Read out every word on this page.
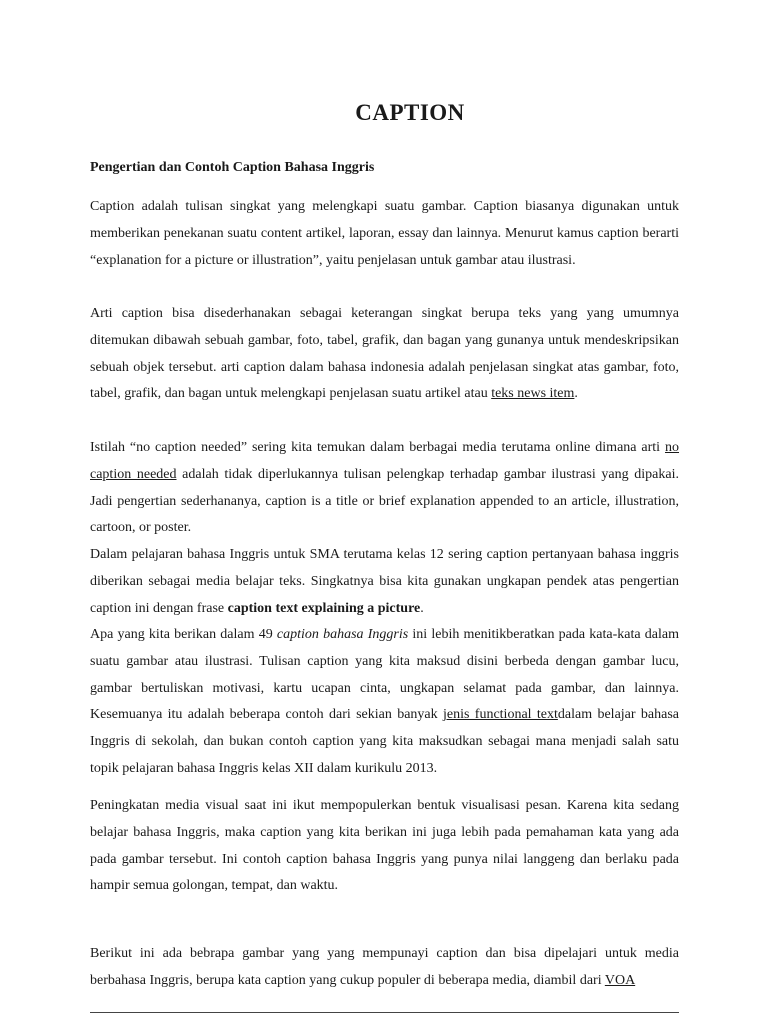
CAPTION

Pengertian dan Contoh Caption Bahasa Inggris

Caption adalah tulisan singkat yang melengkapi suatu gambar. Caption biasanya digunakan untuk memberikan penekanan suatu content artikel, laporan, essay dan lainnya. Menurut kamus caption berarti “explanation for a picture or illustration”, yaitu penjelasan untuk gambar atau ilustrasi.

Arti caption bisa disederhanakan sebagai keterangan singkat berupa teks yang yang umumnya ditemukan dibawah sebuah gambar, foto, tabel, grafik, dan bagan yang gunanya untuk mendeskripsikan sebuah objek tersebut. arti caption dalam bahasa indonesia adalah penjelasan singkat atas gambar, foto, tabel, grafik, dan bagan untuk melengkapi penjelasan suatu artikel atau teks news item.

Istilah “no caption needed” sering kita temukan dalam berbagai media terutama online dimana arti no caption needed adalah tidak diperlukannya tulisan pelengkap terhadap gambar ilustrasi yang dipakai. Jadi pengertian sederhananya, caption is a title or brief explanation appended to an article, illustration, cartoon, or poster.

Dalam pelajaran bahasa Inggris untuk SMA terutama kelas 12 sering caption pertanyaan bahasa inggris diberikan sebagai media belajar teks. Singkatnya bisa kita gunakan ungkapan pendek atas pengertian caption ini dengan frase caption text explaining a picture.

Apa yang kita berikan dalam 49 caption bahasa Inggris ini lebih menitikberatkan pada kata-kata dalam suatu gambar atau ilustrasi. Tulisan caption yang kita maksud disini berbeda dengan gambar lucu, gambar bertuliskan motivasi, kartu ucapan cinta, ungkapan selamat pada gambar, dan lainnya. Kesemuanya itu adalah beberapa contoh dari sekian banyak jenis functional textdalam belajar bahasa Inggris di sekolah, dan bukan contoh caption yang kita maksudkan sebagai mana menjadi salah satu topik pelajaran bahasa Inggris kelas XII dalam kurikulu 2013.

Peningkatan media visual saat ini ikut mempopulerkan bentuk visualisasi pesan. Karena kita sedang belajar bahasa Inggris, maka caption yang kita berikan ini juga lebih pada pemahaman kata yang ada pada gambar tersebut. Ini contoh caption bahasa Inggris yang punya nilai langgeng dan berlaku pada hampir semua golongan, tempat, dan waktu.

Berikut ini ada bebrapa gambar yang yang mempunayi caption dan bisa dipelajari untuk media berbahasa Inggris, berupa kata caption yang cukup populer di beberapa media, diambil dari VOA
